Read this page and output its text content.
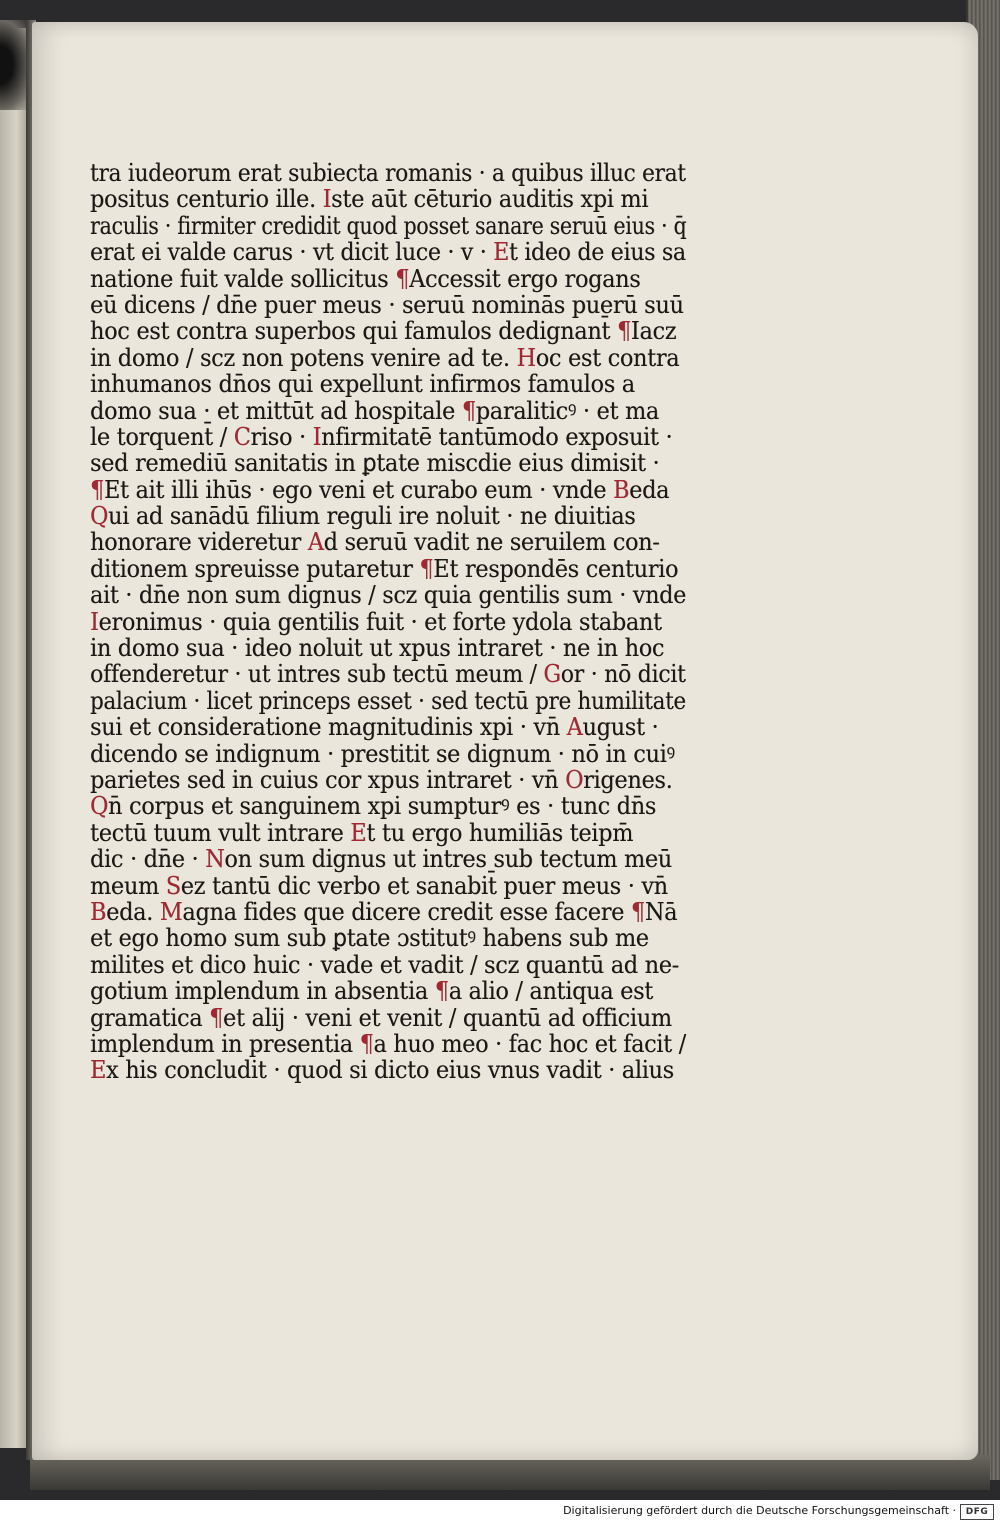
tra iudeorum erat subiecta romanis · a quibus illuc erat
positus centurio ille. Iste aūt cēturio auditis xpi mi
raculis · firmiter credidit quod posset sanare seruū eius · q̄
erat ei valde carus · vt dicit luce · v · Et ideo de eius sa
natione fuit valde sollicitus ¶Accessit ergo rogans
eū dicens / dn̄e puer meus · seruū nominās puerū suū
hoc est contra superbos qui famulos dedignant̄ ¶Iacz
in domo / scz non potens venire ad te. Hoc est contra
inhumanos dn̄os qui expellunt infirmos famulos a
domo sua · et mittūt ad hospitale ¶paraliticꝰ · et ma
le torquent̄ / Criso · Infirmitatē tantūmodo exposuit ·
sed remediū sanitatis in ꝑtate miscdie eius dimisit ·
¶Et ait illi ihūs · ego veni et curabo eum · vnde Beda
Qui ad sanādū filium reguli ire noluit · ne diuitias
honorare videretur Ad seruū vadit ne seruilem con-
ditionem spreuisse putaretur ¶Et respondēs centurio
ait · dn̄e non sum dignus / scz quia gentilis sum · vnde
Ieronimus · quia gentilis fuit · et forte ydola stabant
in domo sua · ideo noluit ut xpus intraret · ne in hoc
offenderetur · ut intres sub tectū meum / Gor · nō dicit
palacium · licet princeps esset · sed tectū pre humilitate
sui et consideratione magnitudinis xpi · vn̄ August ·
dicendo se indignum · prestitit se dignum · nō in cuiꝰ
parietes sed in cuius cor xpus intraret · vn̄ Origenes.
Qn̄ corpus et sanguinem xpi sumpturꝰ es · tunc dn̄s
tectū tuum vult intrare Et tu ergo humiliās teipm̄
dic · dn̄e · Non sum dignus ut intres sub tectum meū
meum Sez tantū dic verbo et sanabit̄ puer meus · vn̄
Beda. Magna fides que dicere credit esse facere ¶Nā
et ego homo sum sub ꝑtate ɔstitutꝰ habens sub me
milites et dico huic · vade et vadit / scz quantū ad ne-
gotium implendum in absentia ¶a alio / antiqua est
gramatica ¶et alij · veni et venit / quantū ad officium
implendum in presentia ¶a huo meo · fac hoc et facit /
Ex his concludit · quod si dicto eius vnus vadit · alius
Digitalisierung gefördert durch die Deutsche Forschungsgemeinschaft ·	DFG
